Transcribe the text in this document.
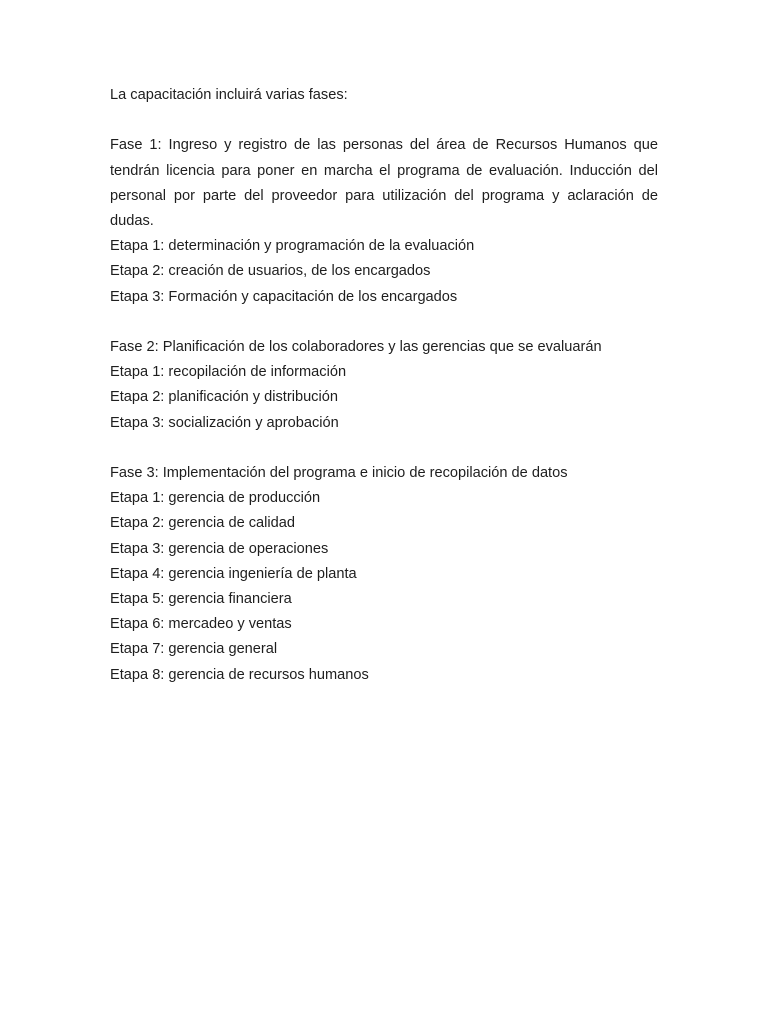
La capacitación incluirá varias fases:

Fase 1: Ingreso y registro de las personas del área de Recursos Humanos que tendrán licencia para poner en marcha el programa de evaluación. Inducción del personal por parte del proveedor para utilización del programa y aclaración de dudas.

Etapa 1: determinación y programación de la evaluación
Etapa 2: creación de usuarios, de los encargados
Etapa 3: Formación y capacitación de los encargados

Fase 2: Planificación de los colaboradores y las gerencias que se evaluarán

Etapa 1: recopilación de información
Etapa 2: planificación y distribución
Etapa 3: socialización y aprobación

Fase 3: Implementación del programa e inicio de recopilación de datos

Etapa 1: gerencia de producción
Etapa 2: gerencia de calidad
Etapa 3: gerencia de operaciones
Etapa 4: gerencia ingeniería de planta
Etapa 5: gerencia financiera
Etapa 6: mercadeo y ventas
Etapa 7: gerencia general
Etapa 8: gerencia de recursos humanos
